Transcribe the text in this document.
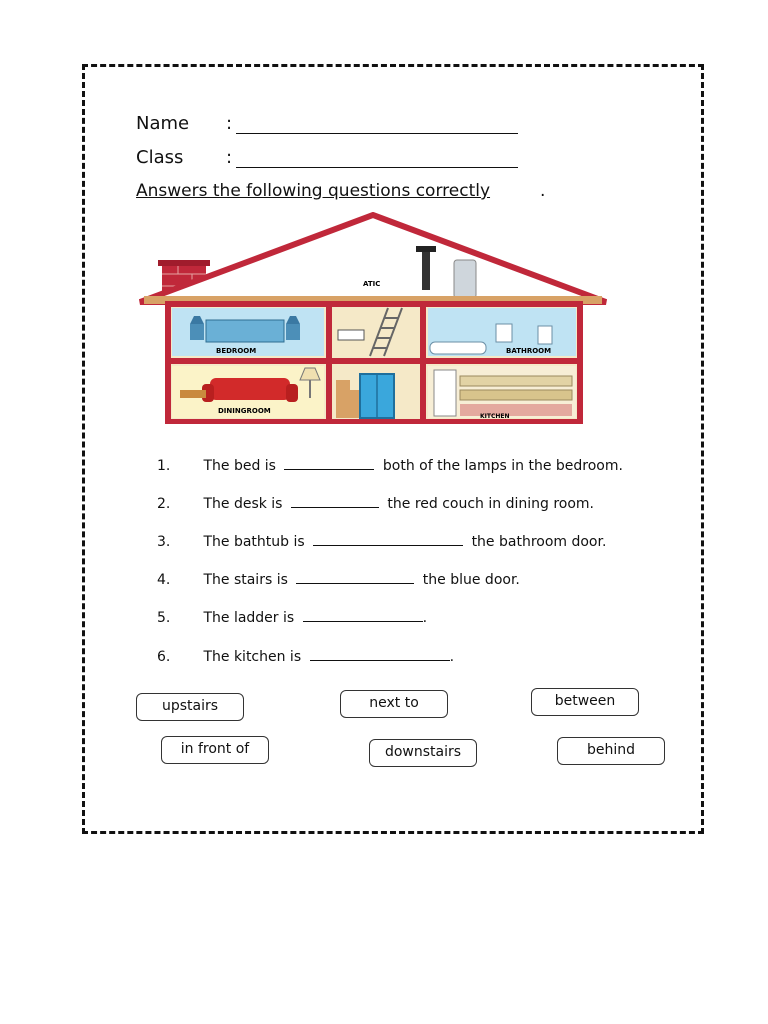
Name :
Class :
Answers the following questions correctly	.
ATIC
BEDROOM	BATHROOM
DININGROOM
KITCHEN
1. The bed is	both of the lamps in the bedroom.
2. The desk is	the red couch in dining room.
3. The bathtub is	the bathroom door.
4. The stairs is	the blue door.
5. The ladder is	.
6. The kitchen is	.
upstairs	next to	between
in front of	downstairs	behind
